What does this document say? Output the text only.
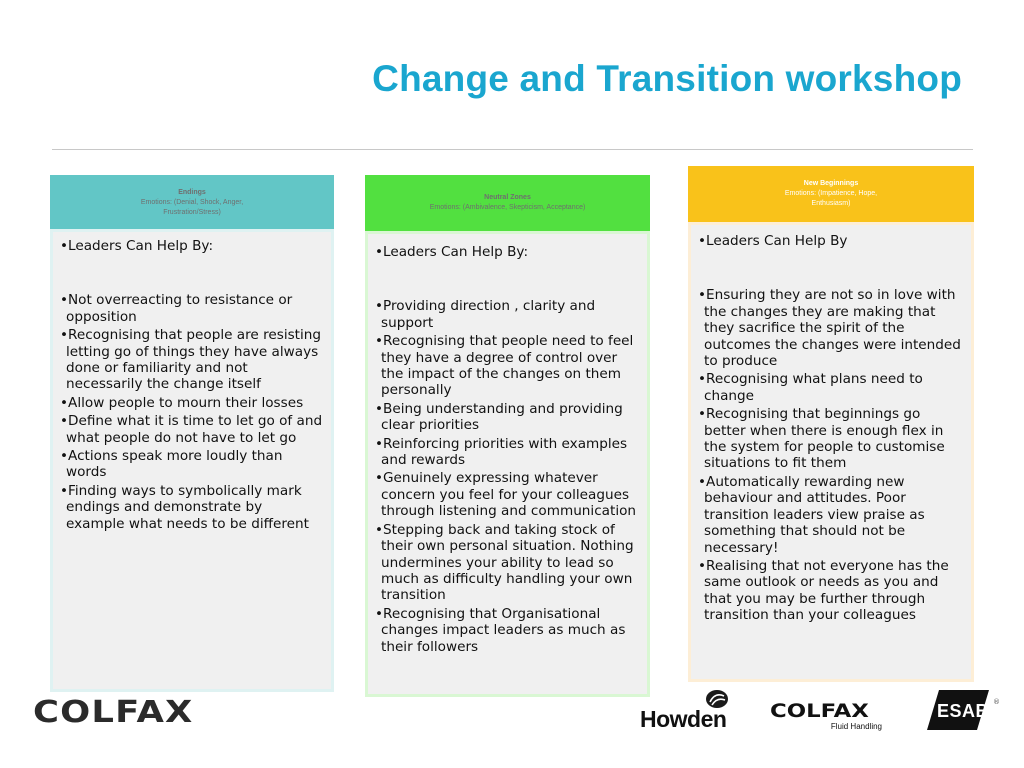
Change and Transition workshop
Endings
Emotions: (Denial, Shock, Anger,
Frustration/Stress)
•Leaders Can Help By:
•Not overreacting to resistance or opposition
•Recognising that people are resisting letting go of things they have always done or familiarity and not necessarily the change itself
•Allow people to mourn their losses
•Define what it is time to let go of and what people do not have to let go
•Actions speak more loudly than words
•Finding ways to symbolically mark endings and demonstrate by example what needs to be different
Neutral Zones
Emotions: (Ambivalence, Skepticism, Acceptance)
•Leaders Can Help By:
•Providing direction , clarity and support
•Recognising that people need to feel they have a degree of control over the impact of the changes on them personally
•Being understanding and providing clear priorities
•Reinforcing priorities with examples and rewards
•Genuinely expressing whatever concern you feel for your colleagues through listening and communication
•Stepping back and taking stock of their own personal situation. Nothing undermines your ability to lead so much as difficulty handling your own transition
•Recognising that Organisational changes impact leaders as much as their followers
New Beginnings
Emotions: (Impatience, Hope,
Enthusiasm)
•Leaders Can Help By
•Ensuring they are not so in love with the changes they are making that they sacrifice the spirit of the outcomes the changes were intended to produce
•Recognising what plans need to change
•Recognising that beginnings go better when there is enough flex in the system for people to customise situations to fit them
•Automatically rewarding new behaviour and attitudes. Poor transition leaders view praise as something that should not be necessary!
•Realising that not everyone has the same outlook or needs as you and that you may be further through transition than your colleagues
COLFAX	Howden COLFAX
Fluid Handling
ESAB ®
